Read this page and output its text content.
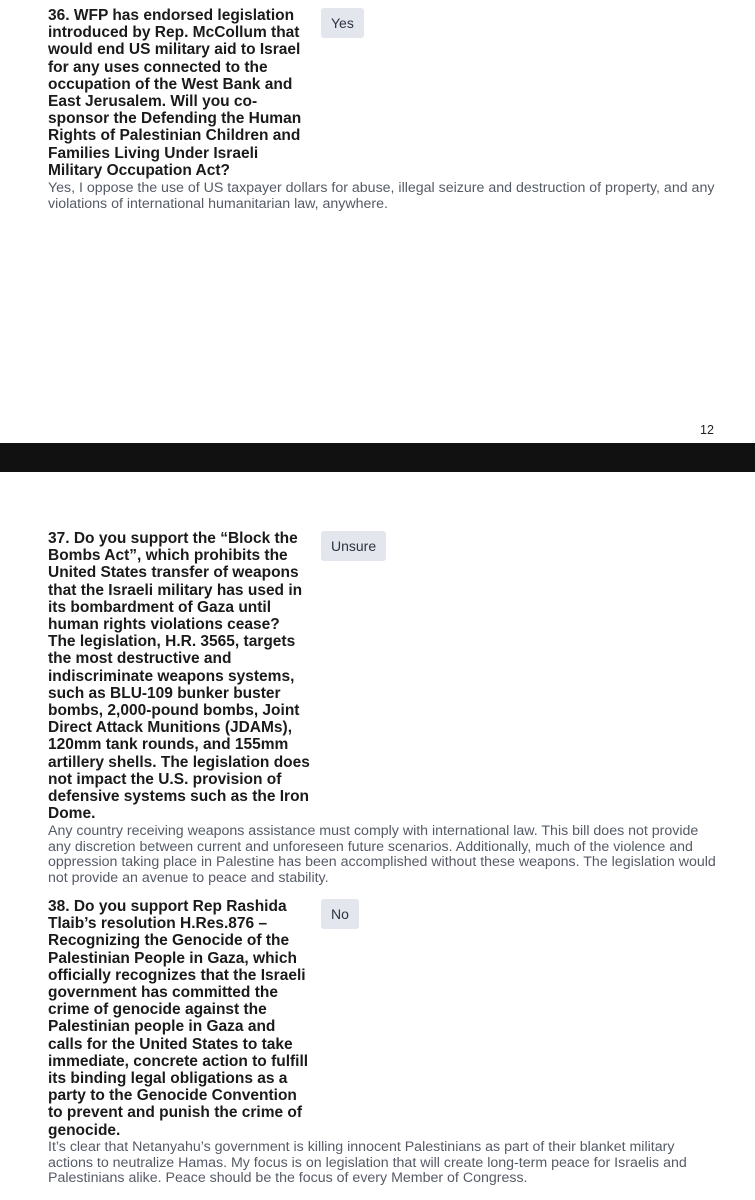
36. WFP has endorsed legislation introduced by Rep. McCollum that would end US military aid to Israel for any uses connected to the occupation of the West Bank and East Jerusalem. Will you co-sponsor the Defending the Human Rights of Palestinian Children and Families Living Under Israeli Military Occupation Act?

Yes

Yes, I oppose the use of US taxpayer dollars for abuse, illegal seizure and destruction of property, and any violations of international humanitarian law, anywhere.

12

37. Do you support the “Block the Bombs Act”, which prohibits the United States transfer of weapons that the Israeli military has used in its bombardment of Gaza until human rights violations cease? The legislation, H.R. 3565, targets the most destructive and indiscriminate weapons systems, such as BLU-109 bunker buster bombs, 2,000-pound bombs, Joint Direct Attack Munitions (JDAMs), 120mm tank rounds, and 155mm artillery shells. The legislation does not impact the U.S. provision of defensive systems such as the Iron Dome.

Unsure

Any country receiving weapons assistance must comply with international law. This bill does not provide any discretion between current and unforeseen future scenarios. Additionally, much of the violence and oppression taking place in Palestine has been accomplished without these weapons. The legislation would not provide an avenue to peace and stability.

38. Do you support Rep Rashida Tlaib’s resolution H.Res.876 – Recognizing the Genocide of the Palestinian People in Gaza, which officially recognizes that the Israeli government has committed the crime of genocide against the Palestinian people in Gaza and calls for the United States to take immediate, concrete action to fulfill its binding legal obligations as a party to the Genocide Convention to prevent and punish the crime of genocide.

No

It’s clear that Netanyahu’s government is killing innocent Palestinians as part of their blanket military actions to neutralize Hamas. My focus is on legislation that will create long-term peace for Israelis and Palestinians alike. Peace should be the focus of every Member of Congress.
